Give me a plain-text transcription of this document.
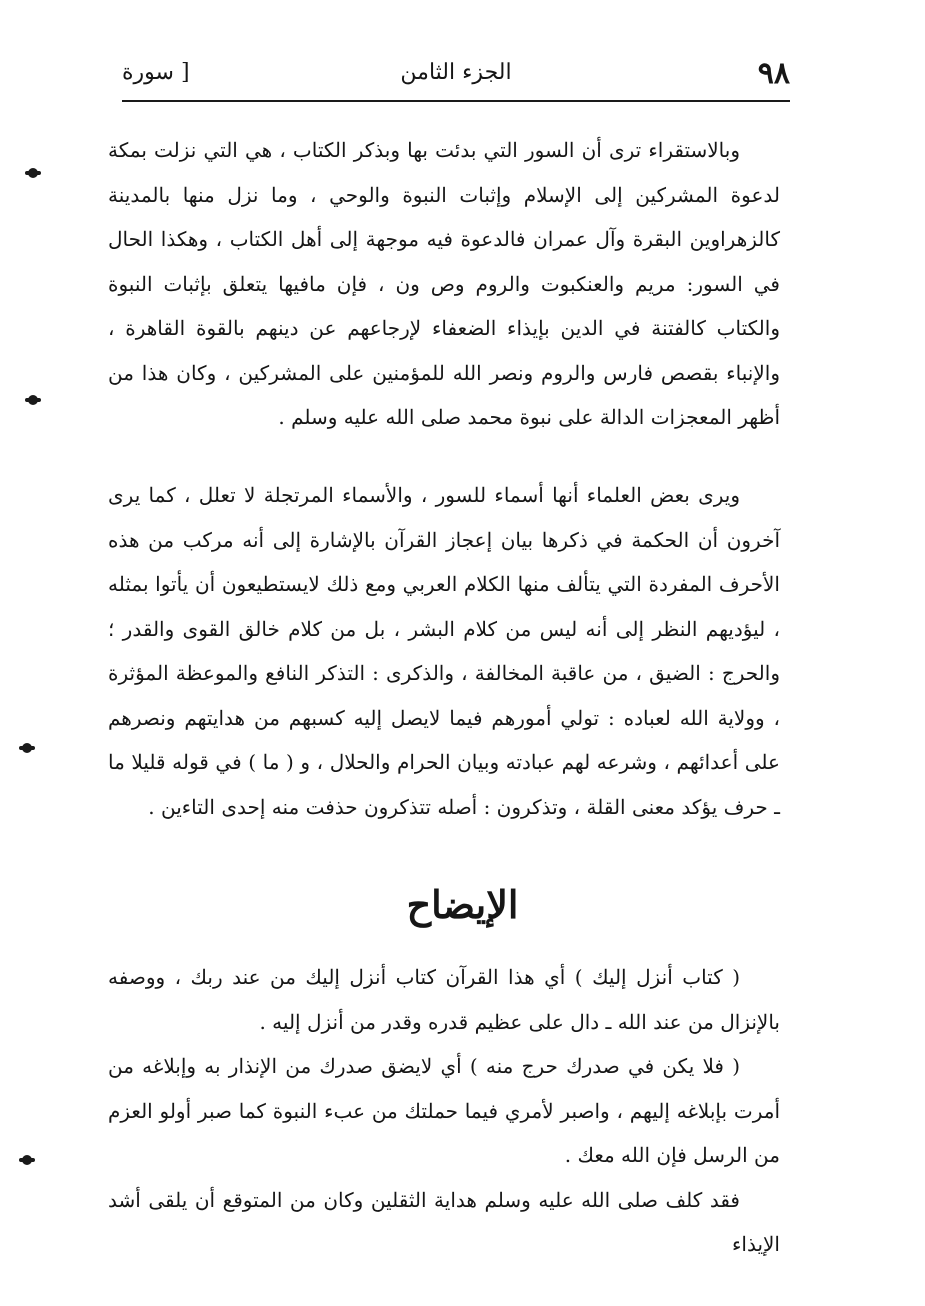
٩٨
الجزء الثامن
[ سورة

وبالاستقراء ترى أن السور التي بدئت بها وبذكر الكتاب ، هي التي نزلت بمكة لدعوة المشركين إلى الإسلام وإثبات النبوة والوحي ، وما نزل منها بالمدينة كالزهراوين البقرة وآل عمران فالدعوة فيه موجهة إلى أهل الكتاب ، وهكذا الحال في السور: مريم والعنكبوت والروم وص ون ، فإن مافيها يتعلق بإثبات النبوة والكتاب كالفتنة في الدين بإيذاء الضعفاء لإرجاعهم عن دينهم بالقوة القاهرة ، والإنباء بقصص فارس والروم ونصر الله للمؤمنين على المشركين ، وكان هذا من أظهر المعجزات الدالة على نبوة محمد صلى الله عليه وسلم .

ويرى بعض العلماء أنها أسماء للسور ، والأسماء المرتجلة لا تعلل ، كما يرى آخرون أن الحكمة في ذكرها بيان إعجاز القرآن بالإشارة إلى أنه مركب من هذه الأحرف المفردة التي يتألف منها الكلام العربي ومع ذلك لايستطيعون أن يأتوا بمثله ، ليؤديهم النظر إلى أنه ليس من كلام البشر ، بل من كلام خالق القوى والقدر ؛ والحرج : الضيق ، من عاقبة المخالفة ، والذكرى : التذكر النافع والموعظة المؤثرة ، وولاية الله لعباده : تولي أمورهم فيما لايصل إليه كسبهم من هدايتهم ونصرهم على أعدائهم ، وشرعه لهم عبادته وبيان الحرام والحلال ، و ( ما ) في قوله قليلا ما ـ حرف يؤكد معنى القلة ، وتذكرون : أصله تتذكرون حذفت منه إحدى التاءين .

الإيضاح

( كتاب أنزل إليك ) أي هذا القرآن كتاب أنزل إليك من عند ربك ، ووصفه بالإنزال من عند الله ـ دال على عظيم قدره وقدر من أنزل إليه .

( فلا يكن في صدرك حرج منه ) أي لايضق صدرك من الإنذار به وإبلاغه من أمرت بإبلاغه إليهم ، واصبر لأمري فيما حملتك من عبء النبوة كما صبر أولو العزم من الرسل فإن الله معك .

فقد كلف صلى الله عليه وسلم هداية الثقلين وكان من المتوقع أن يلقى أشد الإيذاء
